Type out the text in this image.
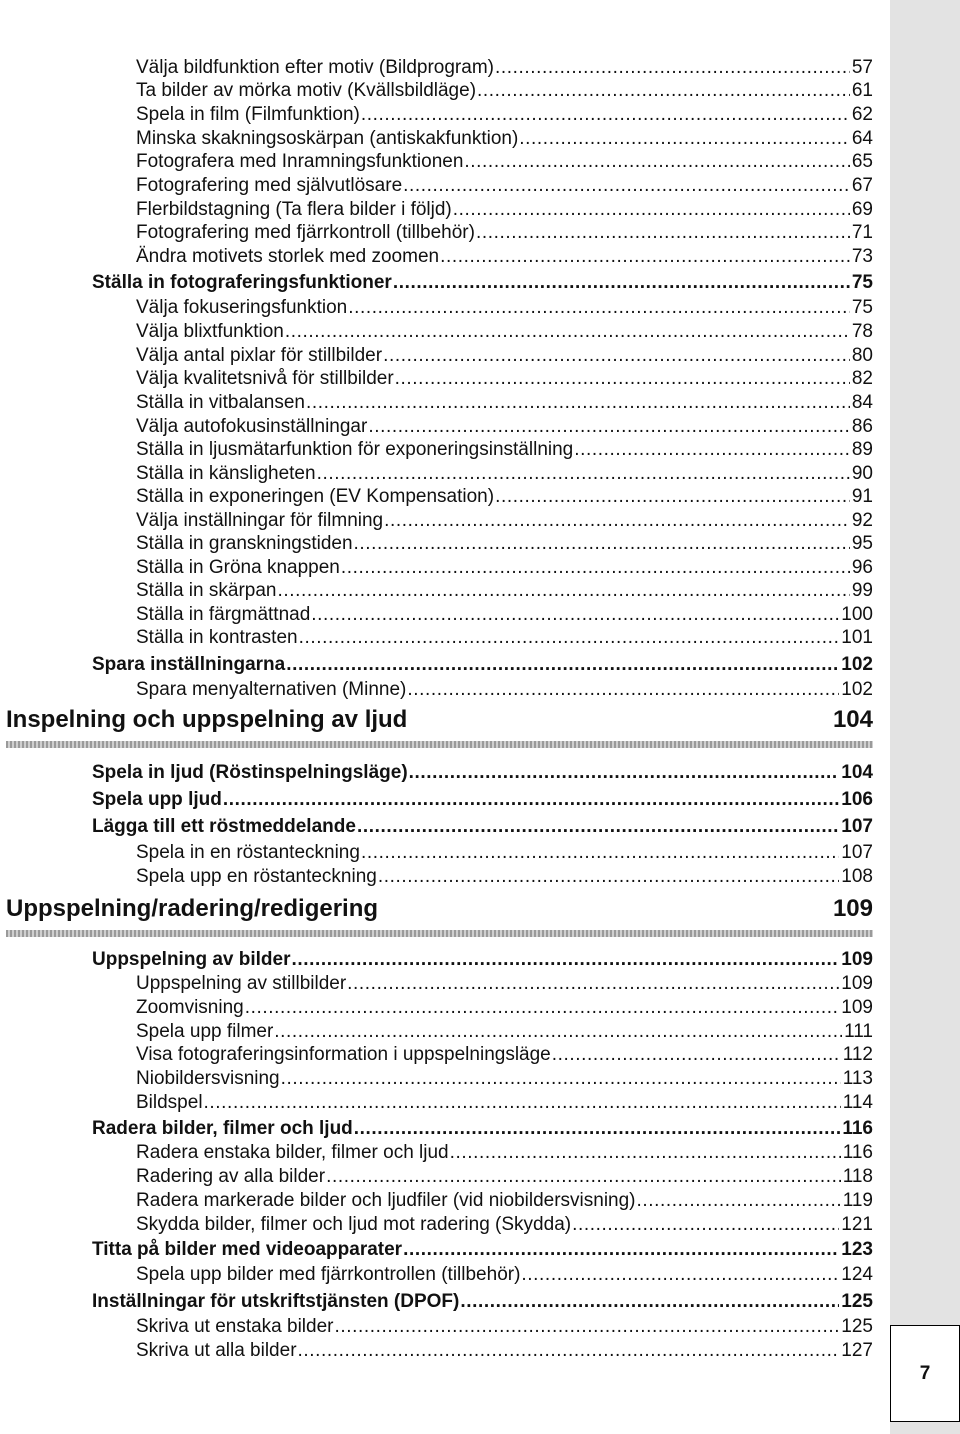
Välja bildfunktion efter motiv (Bildprogram) .....	57
Ta bilder av mörka motiv (Kvällsbildläge) .....	61
Spela in film (Filmfunktion) .....	62
Minska skakningsoskärpan (antiskakfunktion) .....	64
Fotografera med Inramningsfunktionen .....	65
Fotografering med självutlösare .....	67
Flerbildstagning (Ta flera bilder i följd) .....	69
Fotografering med fjärrkontroll (tillbehör) .....	71
Ändra motivets storlek med zoomen .....	73
Ställa in fotograferingsfunktioner .....	75
Välja fokuseringsfunktion .....	75
Välja blixtfunktion .....	78
Välja antal pixlar för stillbilder .....	80
Välja kvalitetsnivå för stillbilder .....	82
Ställa in vitbalansen .....	84
Välja autofokusinställningar .....	86
Ställa in ljusmätarfunktion för exponeringsinställning .....	89
Ställa in känsligheten .....	90
Ställa in exponeringen (EV Kompensation) .....	91
Välja inställningar för filmning .....	92
Ställa in granskningstiden .....	95
Ställa in Gröna knappen .....	96
Ställa in skärpan .....	99
Ställa in färgmättnad .....	100
Ställa in kontrasten .....	101
Spara inställningarna .....	102
Spara menyalternativen (Minne) .....	102
Inspelning och uppspelning av ljud	104
Spela in ljud (Röstinspelningsläge) .....	104
Spela upp ljud .....	106
Lägga till ett röstmeddelande .....	107
Spela in en röstanteckning .....	107
Spela upp en röstanteckning .....	108
Uppspelning/radering/redigering	109
Uppspelning av bilder .....	109
Uppspelning av stillbilder .....	109
Zoomvisning .....	109
Spela upp filmer .....	111
Visa fotograferingsinformation i uppspelningsläge .....	112
Niobildersvisning .....	113
Bildspel .....	114
Radera bilder, filmer och ljud .....	116
Radera enstaka bilder, filmer och ljud .....	116
Radering av alla bilder .....	118
Radera markerade bilder och ljudfiler (vid niobildersvisning) .....	119
Skydda bilder, filmer och ljud mot radering (Skydda) .....	121
Titta på bilder med videoapparater .....	123
Spela upp bilder med fjärrkontrollen (tillbehör) .....	124
Inställningar för utskriftstjänsten (DPOF) .....	125
Skriva ut enstaka bilder .....	125
Skriva ut alla bilder .....	127
7
